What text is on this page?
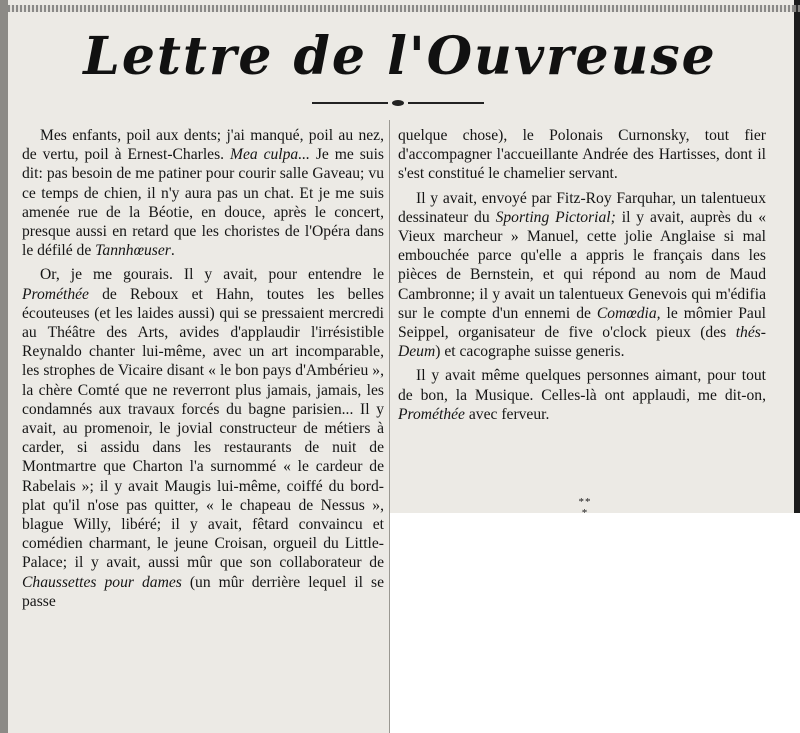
Lettre de l'Ouvreuse

Mes enfants, poil aux dents; j'ai manqué, poil au nez, de vertu, poil à Ernest-Charles. Mea culpa... Je me suis dit: pas besoin de me patiner pour courir salle Gaveau; vu ce temps de chien, il n'y aura pas un chat. Et je me suis amenée rue de la Béotie, en douce, après le concert, presque aussi en retard que les choristes de l'Opéra dans le défilé de Tannhœuser.

Or, je me gourais. Il y avait, pour entendre le Prométhée de Reboux et Hahn, toutes les belles écouteuses (et les laides aussi) qui se pressaient mercredi au Théâtre des Arts, avides d'applaudir l'irrésistible Reynaldo chanter lui-même, avec un art incomparable, les strophes de Vicaire disant « le bon pays d'Ambérieu », la chère Comté que ne reverront plus jamais, jamais, les condamnés aux travaux forcés du bagne parisien... Il y avait, au promenoir, le jovial constructeur de métiers à carder, si assidu dans les restaurants de nuit de Montmartre que Charton l'a surnommé « le cardeur de Rabelais »; il y avait Maugis lui-même, coiffé du bord-plat qu'il n'ose pas quitter, « le chapeau de Nessus », blague Willy, libéré; il y avait, fêtard convaincu et comédien charmant, le jeune Croisan, orgueil du Little-Palace; il y avait, aussi mûr que son collaborateur de Chaussettes pour dames (un mûr derrière lequel il se passe

quelque chose), le Polonais Curnonsky, tout fier d'accompagner l'accueillante Andrée des Hartisses, dont il s'est constitué le chamelier servant.

Il y avait, envoyé par Fitz-Roy Farquhar, un talentueux dessinateur du Sporting Pictorial; il y avait, auprès du « Vieux marcheur » Manuel, cette jolie Anglaise si mal embouchée parce qu'elle a appris le français dans les pièces de Bernstein, et qui répond au nom de Maud Cambronne; il y avait un talentueux Genevois qui m'édifia sur le compte d'un ennemi de Comœdia, le mômier Paul Seippel, organisateur de five o'clock pieux (des thés-Deum) et cacographe suisse generis.

Il y avait même quelques personnes aimant, pour tout de bon, la Musique. Celles-là ont applaudi, me dit-on, Prométhée avec ferveur.

**
*
